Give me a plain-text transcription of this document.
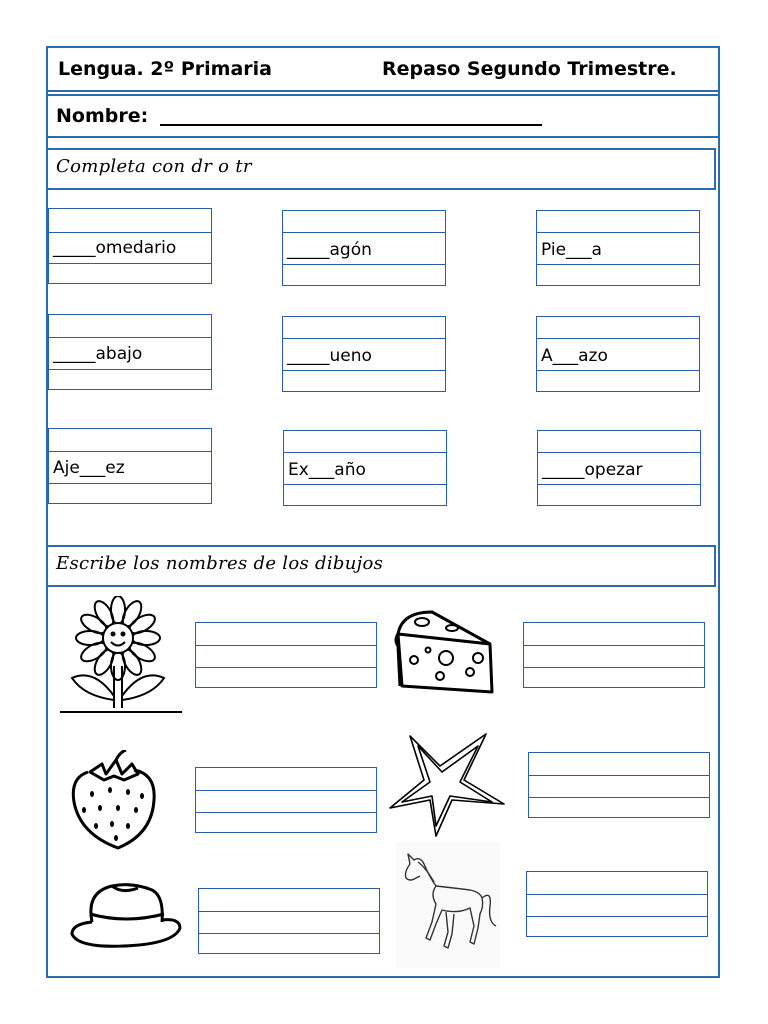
Lengua. 2º Primaria	Repaso Segundo Trimestre.
Nombre:
Completa con dr o tr
_____omedario	_____agón	Pie___a
_____abajo	_____ueno	A___azo
Aje___ez	Ex___año	_____opezar
Escribe los nombres de los dibujos
